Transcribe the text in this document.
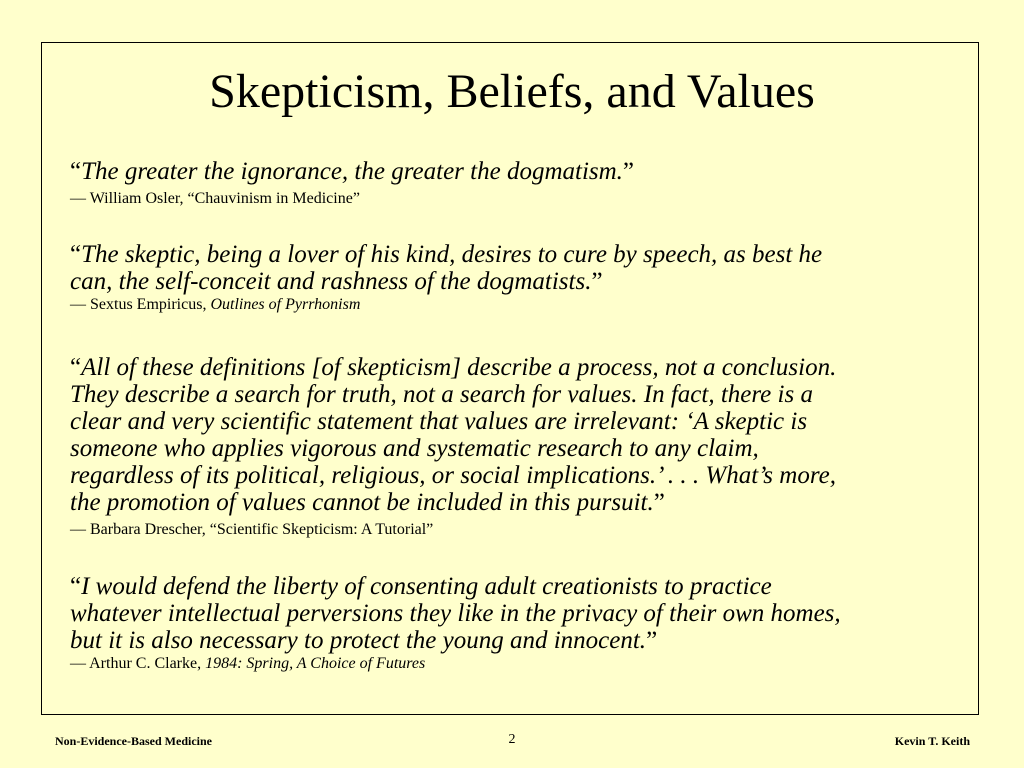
Skepticism, Beliefs, and Values
“The greater the ignorance, the greater the dogmatism.”
— William Osler, “Chauvinism in Medicine”
“The skeptic, being a lover of his kind, desires to cure by speech, as best he
can, the self-conceit and rashness of the dogmatists.”
— Sextus Empiricus, Outlines of Pyrrhonism
“All of these definitions [of skepticism] describe a process, not a conclusion.
They describe a search for truth, not a search for values. In fact, there is a
clear and very scientific statement that values are irrelevant: ‘A skeptic is
someone who applies vigorous and systematic research to any claim,
regardless of its political, religious, or social implications.’ . . . What’s more,
the promotion of values cannot be included in this pursuit.”
— Barbara Drescher, “Scientific Skepticism: A Tutorial”
“I would defend the liberty of consenting adult creationists to practice
whatever intellectual perversions they like in the privacy of their own homes,
but it is also necessary to protect the young and innocent.”
— Arthur C. Clarke, 1984: Spring, A Choice of Futures
Non-Evidence-Based Medicine	2	Kevin T. Keith
